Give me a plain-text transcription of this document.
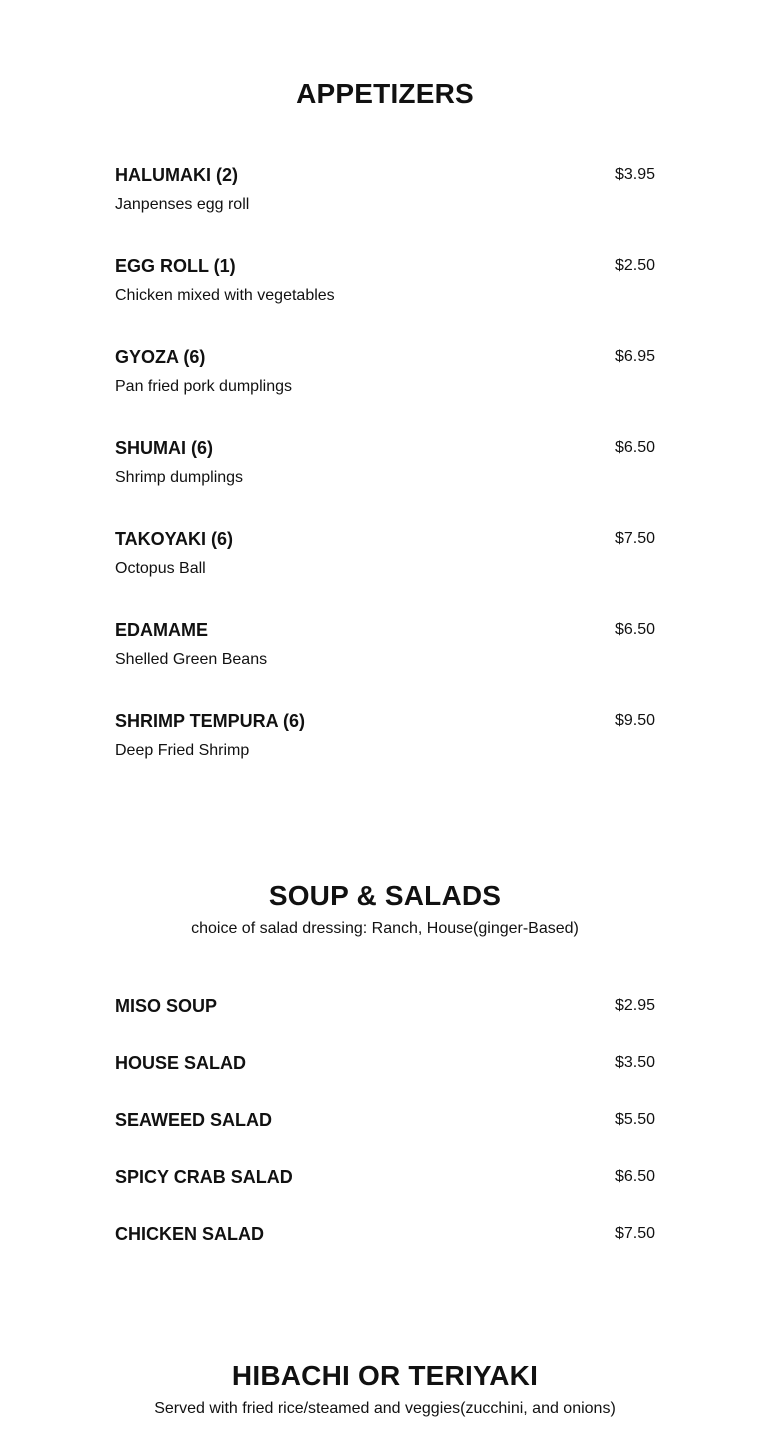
APPETIZERS
HALUMAKI (2)	$3.95
Janpenses egg roll
EGG ROLL (1)	$2.50
Chicken mixed with vegetables
GYOZA (6)	$6.95
Pan fried pork dumplings
SHUMAI (6)	$6.50
Shrimp dumplings
TAKOYAKI (6)	$7.50
Octopus Ball
EDAMAME	$6.50
Shelled Green Beans
SHRIMP TEMPURA (6)	$9.50
Deep Fried Shrimp
SOUP & SALADS
choice of salad dressing: Ranch, House(ginger-Based)
MISO SOUP	$2.95
HOUSE SALAD	$3.50
SEAWEED SALAD	$5.50
SPICY CRAB SALAD	$6.50
CHICKEN SALAD	$7.50
HIBACHI OR TERIYAKI
Served with fried rice/steamed and veggies(zucchini, and onions)
